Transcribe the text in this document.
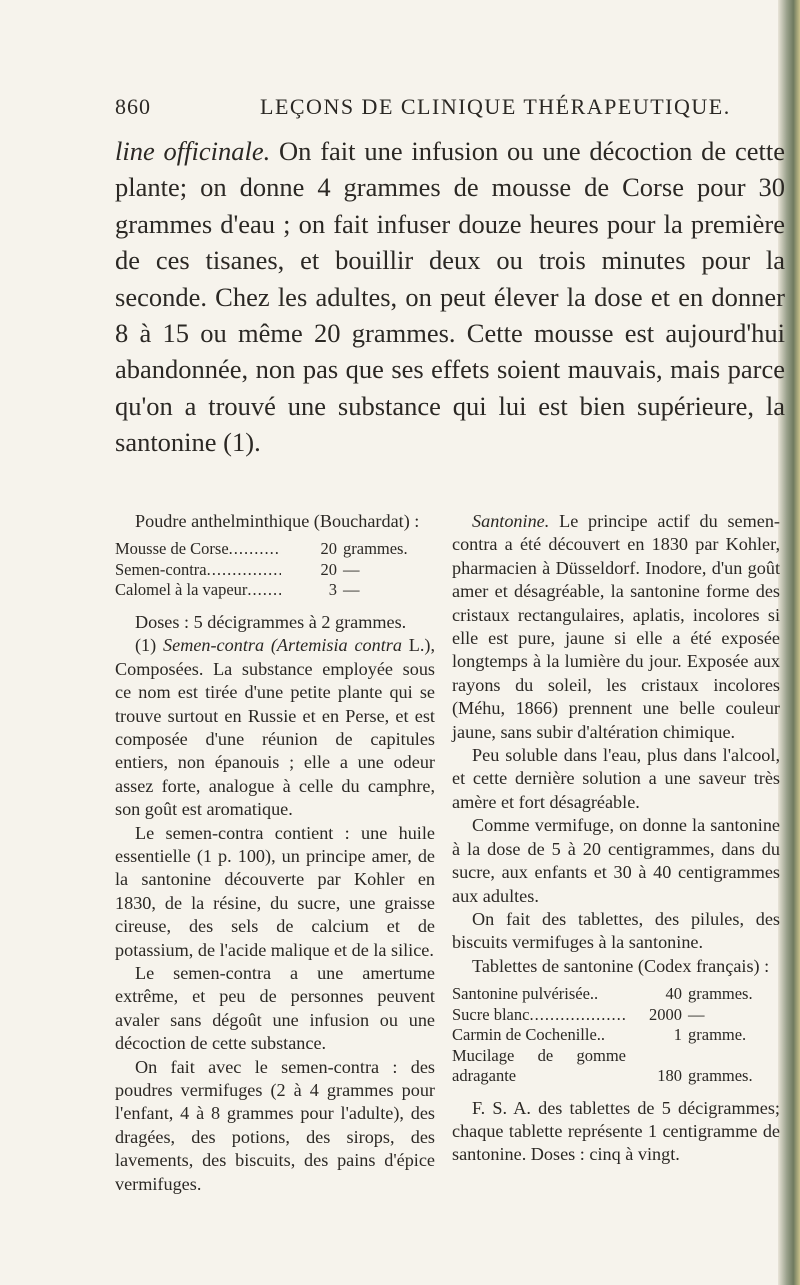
860	LEÇONS DE CLINIQUE THÉRAPEUTIQUE.
line officinale. On fait une infusion ou une décoction de cette plante; on donne 4 grammes de mousse de Corse pour 30 grammes d'eau ; on fait infuser douze heures pour la première de ces tisanes, et bouillir deux ou trois minutes pour la seconde. Chez les adultes, on peut élever la dose et en donner 8 à 15 ou même 20 grammes. Cette mousse est aujourd'hui abandonnée, non pas que ses effets soient mauvais, mais parce qu'on a trouvé une substance qui lui est bien supérieure, la santonine (1).

Poudre anthelminthique (Bouchardat) :

Mousse de Corse .....	20 grammes.
Semen-contra .....	20 —
Calomel à la vapeur .....	3 —

Doses : 5 décigrammes à 2 grammes.

(1) Semen-contra (Artemisia contra L.), Composées. La substance employée sous ce nom est tirée d'une petite plante qui se trouve surtout en Russie et en Perse, et est composée d'une réunion de capitules entiers, non épanouis ; elle a une odeur assez forte, analogue à celle du camphre, son goût est aromatique.

Le semen-contra contient : une huile essentielle (1 p. 100), un principe amer, de la santonine découverte par Kohler en 1830, de la résine, du sucre, une graisse cireuse, des sels de calcium et de potassium, de l'acide malique et de la silice.

Le semen-contra a une amertume extrême, et peu de personnes peuvent avaler sans dégoût une infusion ou une décoction de cette substance.

On fait avec le semen-contra : des poudres vermifuges (2 à 4 grammes pour l'enfant, 4 à 8 grammes pour l'adulte), des dragées, des potions, des sirops, des lavements, des biscuits, des pains d'épice vermifuges.

Santonine. Le principe actif du semen-contra a été découvert en 1830 par Kohler, pharmacien à Düsseldorf. Inodore, d'un goût amer et désagréable, la santonine forme des cristaux rectangulaires, aplatis, incolores si elle est pure, jaune si elle a été exposée longtemps à la lumière du jour. Exposée aux rayons du soleil, les cristaux incolores (Méhu, 1866) prennent une belle couleur jaune, sans subir d'altération chimique.

Peu soluble dans l'eau, plus dans l'alcool, et cette dernière solution a une saveur très amère et fort désagréable.

Comme vermifuge, on donne la santonine à la dose de 5 à 20 centigrammes, dans du sucre, aux enfants et 30 à 40 centigrammes aux adultes.

On fait des tablettes, des pilules, des biscuits vermifuges à la santonine.

Tablettes de santonine (Codex français) :

Santonine pulvérisée..	40 grammes.
Sucre blanc .....	2000 —
Carmin de Cochenille..	1 gramme.
Mucilage de gomme adragante	180 grammes.

F. S. A. des tablettes de 5 décigrammes; chaque tablette représente 1 centigramme de santonine. Doses : cinq à vingt.
